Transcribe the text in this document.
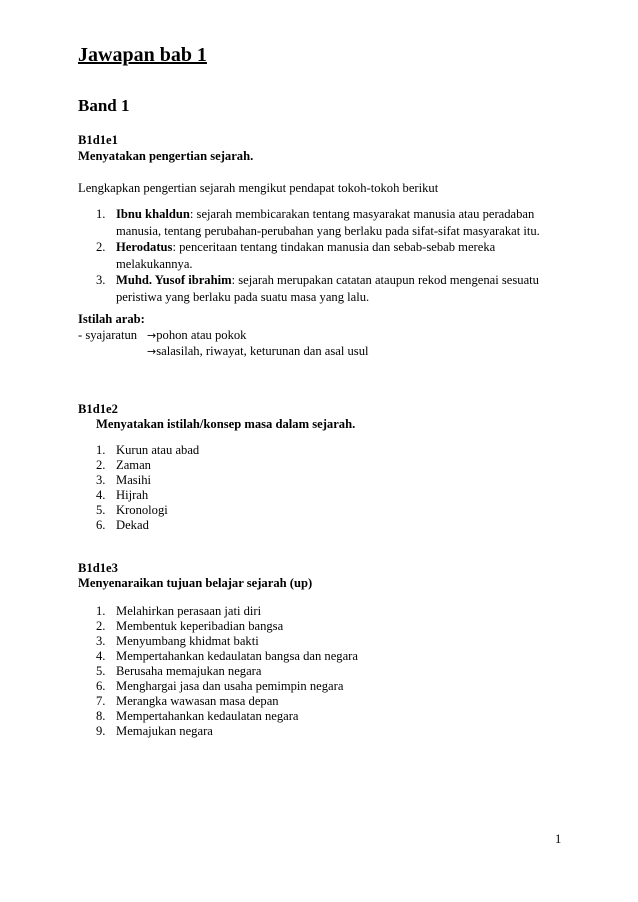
Jawapan bab 1
Band 1
B1d1e1
Menyatakan pengertian sejarah.
Lengkapkan pengertian sejarah mengikut pendapat tokoh-tokoh berikut
1. Ibnu khaldun: sejarah membicarakan tentang masyarakat manusia atau peradaban
manusia, tentang perubahan-perubahan yang berlaku pada sifat-sifat masyarakat itu.
2. Herodatus: penceritaan tentang tindakan manusia dan sebab-sebab mereka
melakukannya.
3. Muhd. Yusof ibrahim: sejarah merupakan catatan ataupun rekod mengenai sesuatu
peristiwa yang berlaku pada suatu masa yang lalu.
Istilah arab:
- syajaratun →pohon atau pokok
→salasilah, riwayat, keturunan dan asal usul
B1d1e2
Menyatakan istilah/konsep masa dalam sejarah.
1. Kurun atau abad
2. Zaman
3. Masihi
4. Hijrah
5. Kronologi
6. Dekad
B1d1e3
Menyenaraikan tujuan belajar sejarah (up)
1. Melahirkan perasaan jati diri
2. Membentuk keperibadian bangsa
3. Menyumbang khidmat bakti
4. Mempertahankan kedaulatan bangsa dan negara
5. Berusaha memajukan negara
6. Menghargai jasa dan usaha pemimpin negara
7. Merangka wawasan masa depan
8. Mempertahankan kedaulatan negara
9. Memajukan negara
1
